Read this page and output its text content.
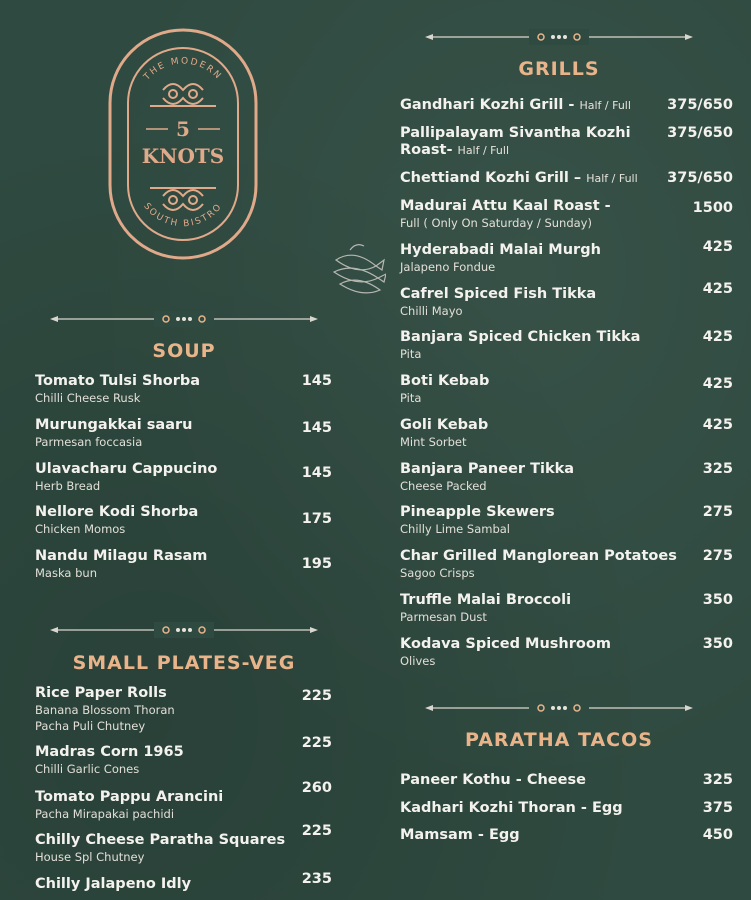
THE MODERN
SOUTH BISTRO
5
KNOTS
SOUP
Tomato Tulsi Shorba
Chilli Cheese Rusk
145
Murungakkai saaru
Parmesan foccasia
145
Ulavacharu Cappucino
Herb Bread
145
Nellore Kodi Shorba
Chicken Momos
175
Nandu Milagu Rasam
Maska bun
195
SMALL PLATES-VEG
Rice Paper Rolls
Banana Blossom Thoran
Pacha Puli Chutney
225
Madras Corn 1965
Chilli Garlic Cones
225
Tomato Pappu Arancini
Pacha Mirapakai pachidi
260
Chilly Cheese Paratha Squares
House Spl Chutney
225
Chilly Jalapeno Idly	235
GRILLS
Gandhari Kozhi Grill - Half / Full	375/650
Pallipalayam Sivantha Kozhi
Roast- Half / Full
375/650
Chettiand Kozhi Grill – Half / Full	375/650
Madurai Attu Kaal Roast -
Full ( Only On Saturday / Sunday)
1500
Hyderabadi Malai Murgh
Jalapeno Fondue
425
Cafrel Spiced Fish Tikka
Chilli Mayo
425
Banjara Spiced Chicken Tikka
Pita
425
Boti Kebab
Pita
425
Goli Kebab
Mint Sorbet
425
Banjara Paneer Tikka
Cheese Packed
325
Pineapple Skewers
Chilly Lime Sambal
275
Char Grilled Manglorean Potatoes
Sagoo Crisps
275
Truffle Malai Broccoli
Parmesan Dust
350
Kodava Spiced Mushroom
Olives
350
PARATHA TACOS
Paneer Kothu - Cheese	325
Kadhari Kozhi Thoran - Egg	375
Mamsam - Egg	450
